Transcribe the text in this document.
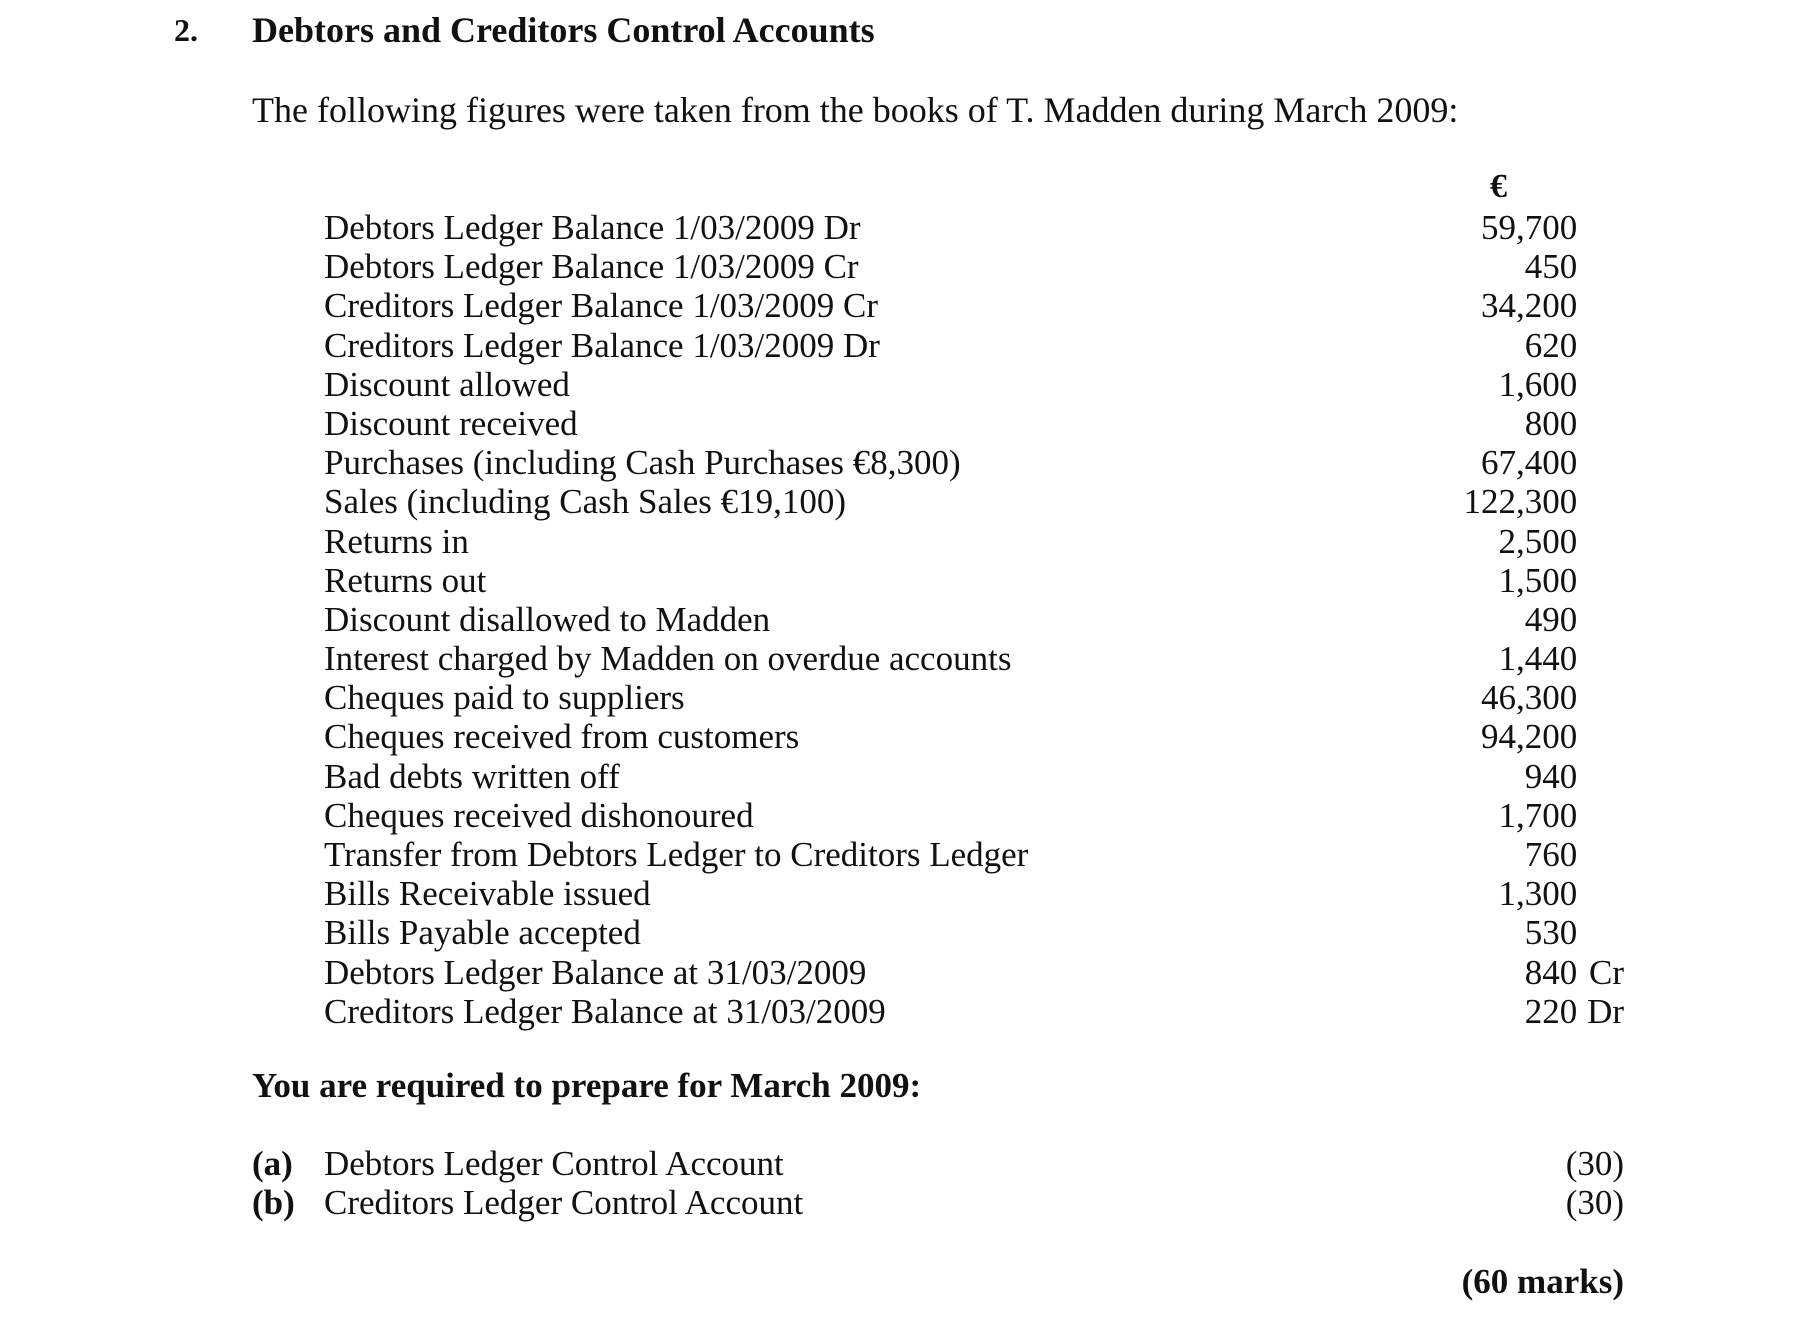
2. Debtors and Creditors Control Accounts
The following figures were taken from the books of T. Madden during March 2009:
€
Debtors Ledger Balance 1/03/2009 Dr	59,700
Debtors Ledger Balance 1/03/2009 Cr	450
Creditors Ledger Balance 1/03/2009 Cr	34,200
Creditors Ledger Balance 1/03/2009 Dr	620
Discount allowed	1,600
Discount received	800
Purchases (including Cash Purchases €8,300)	67,400
Sales (including Cash Sales €19,100)	122,300
Returns in	2,500
Returns out	1,500
Discount disallowed to Madden	490
Interest charged by Madden on overdue accounts	1,440
Cheques paid to suppliers	46,300
Cheques received from customers	94,200
Bad debts written off	940
Cheques received dishonoured	1,700
Transfer from Debtors Ledger to Creditors Ledger	760
Bills Receivable issued	1,300
Bills Payable accepted	530
Debtors Ledger Balance at 31/03/2009	840 Cr
Creditors Ledger Balance at 31/03/2009	220 Dr
You are required to prepare for March 2009:
(a) Debtors Ledger Control Account	(30)
(b) Creditors Ledger Control Account	(30)
(60 marks)
